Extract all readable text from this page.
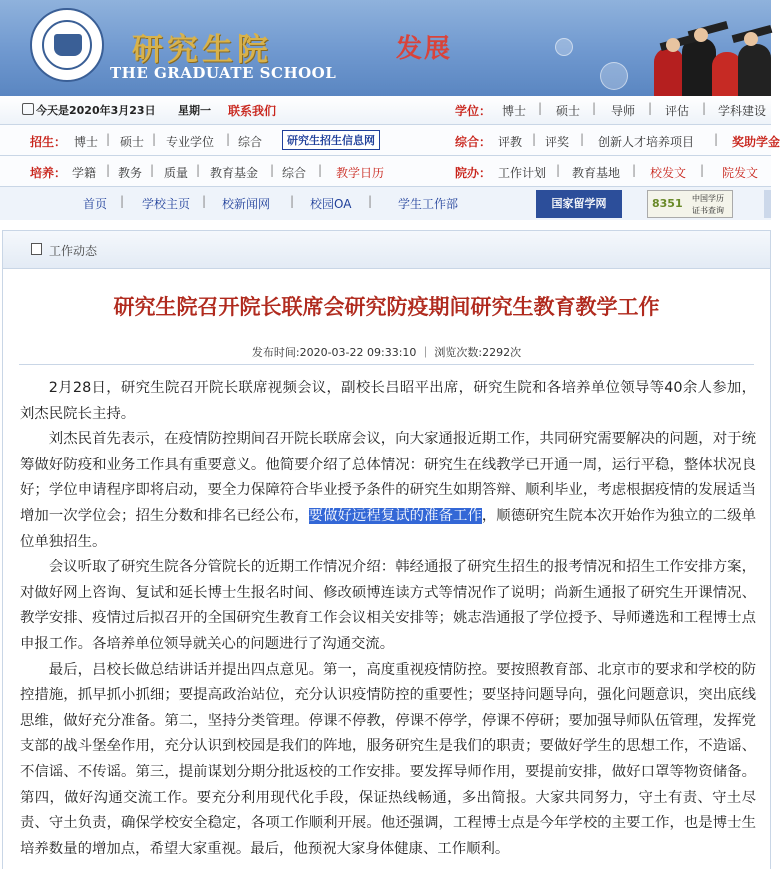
研究生院
THE GRADUATE SCHOOL
发展
今天是2020年3月23日 星期一 联系我们	学位： 博士 | 硕士 | 导师 | 评估 | 学科建设
招生： 博士 | 硕士 | 专业学位 | 综合	研究生招生信息网	综合： 评教 | 评奖 | 创新人才培养项目 | 奖助学金
培养： 学籍 | 教务 | 质量 | 教育基金 | 综合 | 教学日历	院办： 工作计划 | 教育基地 | 校发文 | 院发文
首页 | 学校主页 | 校新闻网 | 校园OA | 学生工作部	国家留学网	8351 中国学历
证书查询
工作动态
研究生院召开院长联席会研究防疫期间研究生教育教学工作
发布时间:2020-03-22 09:33:10 ｜ 浏览次数:2292次

2月28日，研究生院召开院长联席视频会议，副校长吕昭平出席，研究生院和各培养单位领导等40余人参加，刘杰民院长主持。

刘杰民首先表示，在疫情防控期间召开院长联席会议，向大家通报近期工作，共同研究需要解决的问题，对于统筹做好防疫和业务工作具有重要意义。他简要介绍了总体情况：研究生在线教学已开通一周，运行平稳，整体状况良好；学位申请程序即将启动，要全力保障符合毕业授予条件的研究生如期答辩、顺利毕业，考虑根据疫情的发展适当增加一次学位会；招生分数和排名已经公布，要做好远程复试的准备工作，顺德研究生院本次开始作为独立的二级单位单独招生。

会议听取了研究生院各分管院长的近期工作情况介绍：韩经通报了研究生招生的报考情况和招生工作安排方案，对做好网上咨询、复试和延长博士生报名时间、修改硕博连读方式等情况作了说明；尚新生通报了研究生开课情况、教学安排、疫情过后拟召开的全国研究生教育工作会议相关安排等；姚志浩通报了学位授予、导师遴选和工程博士点申报工作。各培养单位领导就关心的问题进行了沟通交流。

最后，吕校长做总结讲话并提出四点意见。第一，高度重视疫情防控。要按照教育部、北京市的要求和学校的防控措施，抓早抓小抓细；要提高政治站位，充分认识疫情防控的重要性；要坚持问题导向，强化问题意识，突出底线思维，做好充分准备。第二，坚持分类管理。停课不停教，停课不停学，停课不停研；要加强导师队伍管理，发挥党支部的战斗堡垒作用，充分认识到校园是我们的阵地，服务研究生是我们的职责；要做好学生的思想工作，不造谣、不信谣、不传谣。第三，提前谋划分期分批返校的工作安排。要发挥导师作用，要提前安排，做好口罩等物资储备。第四，做好沟通交流工作。要充分利用现代化手段，保证热线畅通，多出简报。大家共同努力，守土有责、守土尽责、守土负责，确保学校安全稳定，各项工作顺利开展。他还强调，工程博士点是今年学校的主要工作，也是博士生培养数量的增加点，希望大家重视。最后，他预祝大家身体健康、工作顺利。
